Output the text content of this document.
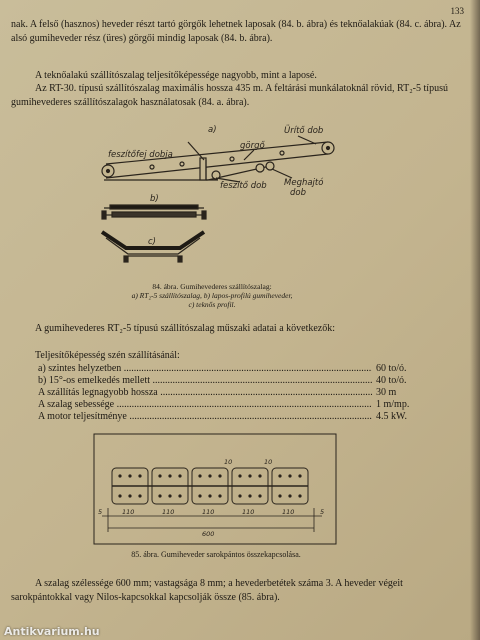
133

nak. A felső (hasznos) heveder részt tartó görgők lehetnek laposak (84. b. ábra) és teknőalakúak (84. c. ábra). Az alsó gumiheveder rész (üres) görgői mindig laposak (84. b. ábra).

A teknőalakú szállítószalag teljesítőképessége nagyobb, mint a laposé.

Az RT-30. típusú szállítószalag maximális hossza 435 m. A feltárási munkálatoknál rövid, RT₂-5 típusú gumihevederes szállítószalagok használatosak (84. a. ábra).

a)
feszítőfej dobja
Ürítő dob
görgő
feszítő dob Meghajtó
dob
b)
c)
84. ábra. Gumihevederes szállítószalag:
a) RT₂-5 szállítószalag, b) lapos-profilú gumiheveder,
c) teknős profil.

A gumihevederes RT₂-5 típusú szállítószalag műszaki adatai a következők:

Teljesítőképesség szén szállításánál:

a) szintes helyzetben .....	60 to/ó.
b) 15°-os emelkedés mellett .....	40 to/ó.
A szállítás legnagyobb hossza .....	30 m
A szalag sebessége .....	1 m/mp.
A motor teljesítménye .....	4.5 kW.
5	110	110	110	110	110	5
10	10
600
85. ábra. Gumiheveder sarokpántos összekapcsolása.

A szalag szélessége 600 mm; vastagsága 8 mm; a hevederbetétek száma 3. A heveder végeit sarokpántokkal vagy Nilos-kapcsokkal kapcsolják össze (85. ábra).

Antikvarium.hu
